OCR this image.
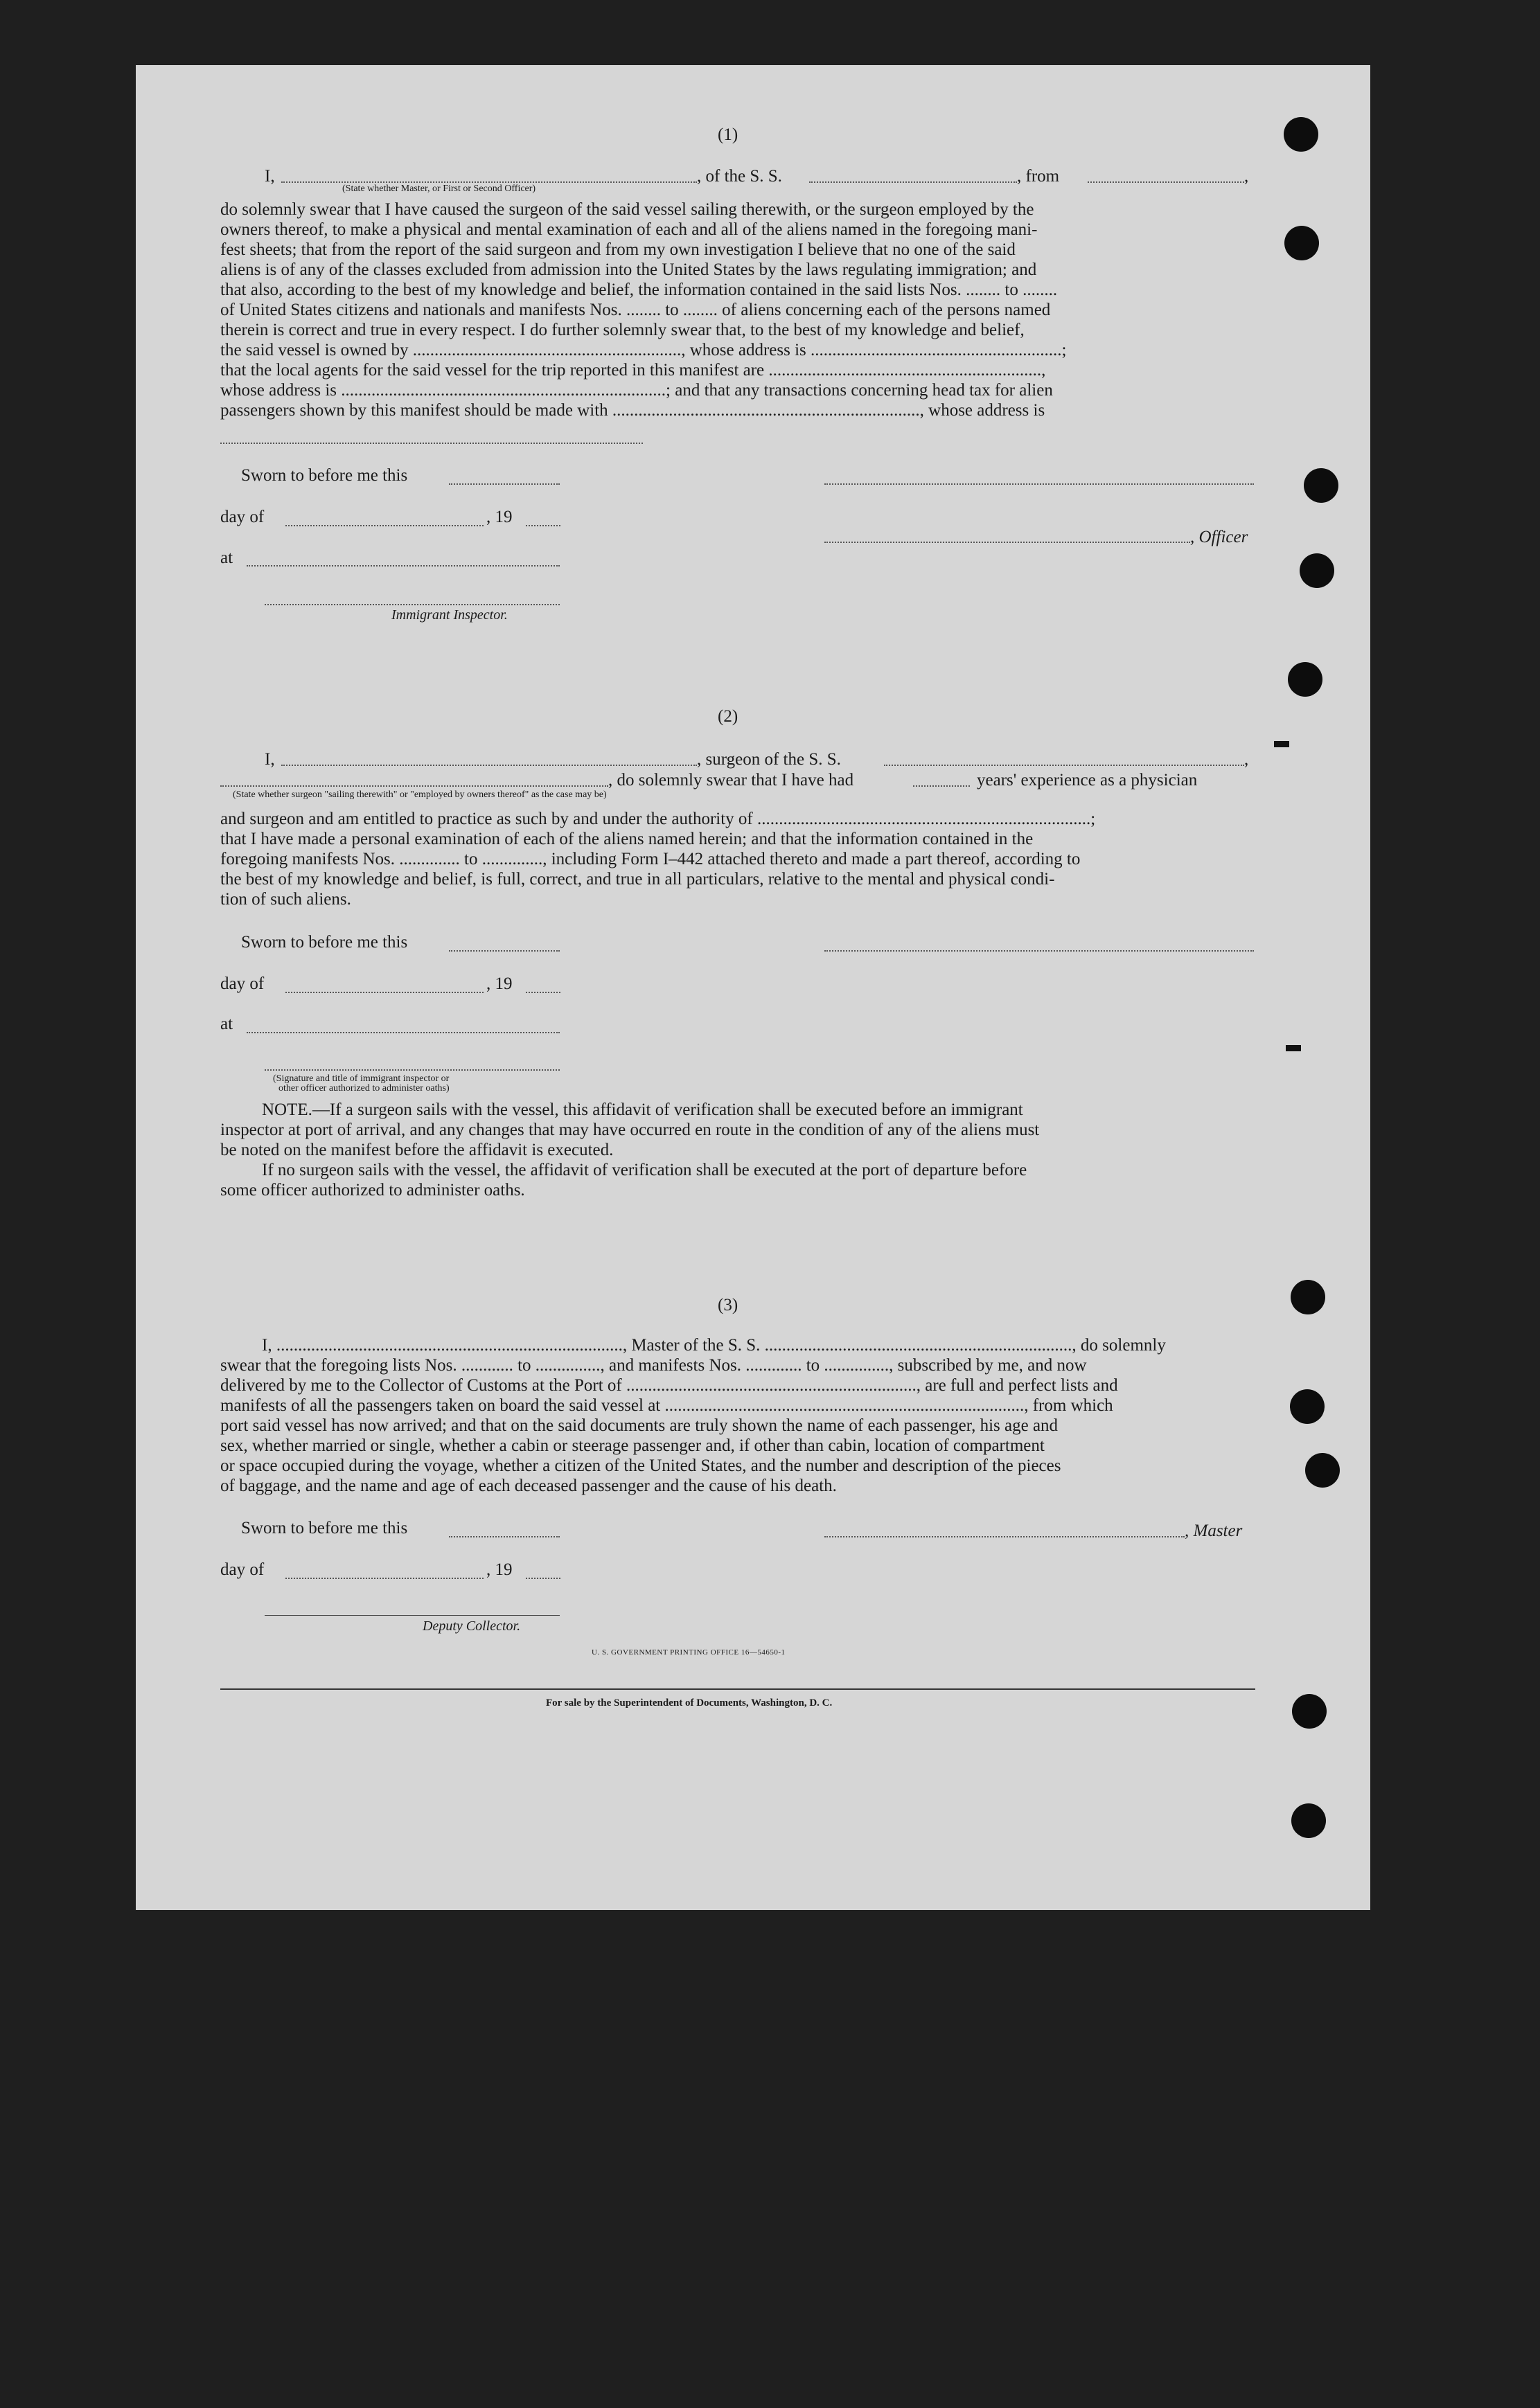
(1)
I,	, of the S. S.	, from	,
(State whether Master, or First or Second Officer)
do solemnly swear that I have caused the surgeon of the said vessel sailing therewith, or the surgeon employed by the
owners thereof, to make a physical and mental examination of each and all of the aliens named in the foregoing mani-
fest sheets; that from the report of the said surgeon and from my own investigation I believe that no one of the said
aliens is of any of the classes excluded from admission into the United States by the laws regulating immigration; and
that also, according to the best of my knowledge and belief, the information contained in the said lists Nos. ........ to ........
of United States citizens and nationals and manifests Nos. ........ to ........ of aliens concerning each of the persons named
therein is correct and true in every respect. I do further solemnly swear that, to the best of my knowledge and belief,
the said vessel is owned by .............................................................., whose address is ..........................................................;
that the local agents for the said vessel for the trip reported in this manifest are ...............................................................,
whose address is ...........................................................................; and that any transactions concerning head tax for alien
passengers shown by this manifest should be made with ......................................................................., whose address is
Sworn to before me this
day of	, 19
, Officer
at
Immigrant Inspector.
(2)
I,	, surgeon of the S. S.	,
, do solemnly swear that I have had	years' experience as a physician
(State whether surgeon "sailing therewith" or "employed by owners thereof" as the case may be)
and surgeon and am entitled to practice as such by and under the authority of .............................................................................;
that I have made a personal examination of each of the aliens named herein; and that the information contained in the
foregoing manifests Nos. .............. to .............., including Form I–442 attached thereto and made a part thereof, according to
the best of my knowledge and belief, is full, correct, and true in all particulars, relative to the mental and physical condi-
tion of such aliens.
Sworn to before me this
day of	, 19
at
(Signature and title of immigrant inspector or
other officer authorized to administer oaths)
NOTE.—If a surgeon sails with the vessel, this affidavit of verification shall be executed before an immigrant
inspector at port of arrival, and any changes that may have occurred en route in the condition of any of the aliens must
be noted on the manifest before the affidavit is executed.
If no surgeon sails with the vessel, the affidavit of verification shall be executed at the port of departure before
some officer authorized to administer oaths.
(3)
I, ................................................................................, Master of the S. S. ......................................................................., do solemnly
swear that the foregoing lists Nos. ............ to ..............., and manifests Nos. ............. to ..............., subscribed by me, and now
delivered by me to the Collector of Customs at the Port of ..................................................................., are full and perfect lists and
manifests of all the passengers taken on board the said vessel at ..................................................................................., from which
port said vessel has now arrived; and that on the said documents are truly shown the name of each passenger, his age and
sex, whether married or single, whether a cabin or steerage passenger and, if other than cabin, location of compartment
or space occupied during the voyage, whether a citizen of the United States, and the number and description of the pieces
of baggage, and the name and age of each deceased passenger and the cause of his death.
Sworn to before me this	, Master
day of	, 19
Deputy Collector.
U. S. GOVERNMENT PRINTING OFFICE 16—54650-1
For sale by the Superintendent of Documents, Washington, D. C.
